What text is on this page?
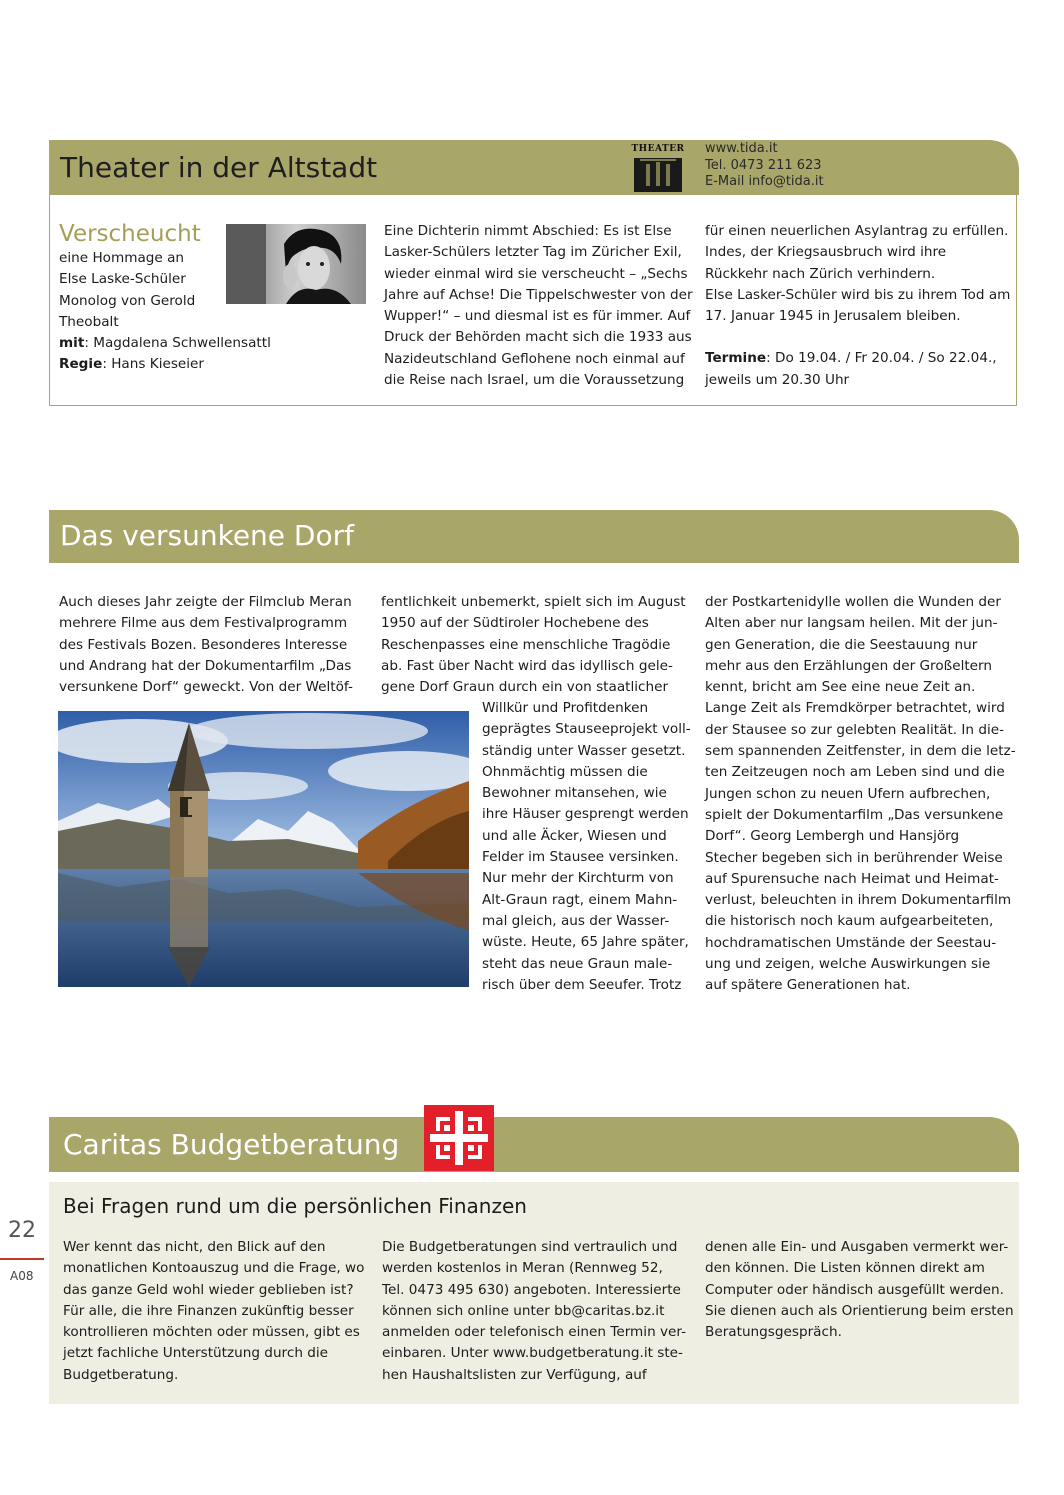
Theater in der Altstadt
THEATER www.tida.it
Tel. 0473 211 623
E-Mail info@tida.it
Verscheucht
eine Hommage an
Else Laske-Schüler
Monolog von Gerold
Theobalt
mit: Magdalena Schwellensattl
Regie: Hans Kieseier
Eine Dichterin nimmt Abschied: Es ist Else
Lasker-Schülers letzter Tag im Züricher Exil,
wieder einmal wird sie verscheucht – „Sechs
Jahre auf Achse! Die Tippelschwester von der
Wupper!“ – und diesmal ist es für immer. Auf
Druck der Behörden macht sich die 1933 aus
Nazideutschland Geflohene noch einmal auf
die Reise nach Israel, um die Voraussetzung
für einen neuerlichen Asylantrag zu erfüllen.
Indes, der Kriegsausbruch wird ihre
Rückkehr nach Zürich verhindern.
Else Lasker-Schüler wird bis zu ihrem Tod am
17. Januar 1945 in Jerusalem bleiben.
Termine: Do 19.04. / Fr 20.04. / So 22.04.,
jeweils um 20.30 Uhr
Das versunkene Dorf
Auch dieses Jahr zeigte der Filmclub Meran
mehrere Filme aus dem Festivalprogramm
des Festivals Bozen. Besonderes Interesse
und Andrang hat der Dokumentarfilm „Das
versunkene Dorf“ geweckt. Von der Weltöf-
fentlichkeit unbemerkt, spielt sich im August
1950 auf der Südtiroler Hochebene des
Reschenpasses eine menschliche Tragödie
ab. Fast über Nacht wird das idyllisch gele-
gene Dorf Graun durch ein von staatlicher
Willkür und Profitdenken
geprägtes Stauseeprojekt voll-
ständig unter Wasser gesetzt.
Ohnmächtig müssen die
Bewohner mitansehen, wie
ihre Häuser gesprengt werden
und alle Äcker, Wiesen und
Felder im Stausee versinken.
Nur mehr der Kirchturm von
Alt-Graun ragt, einem Mahn-
mal gleich, aus der Wasser-
wüste. Heute, 65 Jahre später,
steht das neue Graun male-
risch über dem Seeufer. Trotz
der Postkartenidylle wollen die Wunden der
Alten aber nur langsam heilen. Mit der jun-
gen Generation, die die Seestauung nur
mehr aus den Erzählungen der Großeltern
kennt, bricht am See eine neue Zeit an.
Lange Zeit als Fremdkörper betrachtet, wird
der Stausee so zur gelebten Realität. In die-
sem spannenden Zeitfenster, in dem die letz-
ten Zeitzeugen noch am Leben sind und die
Jungen schon zu neuen Ufern aufbrechen,
spielt der Dokumentarfilm „Das versunkene
Dorf“. Georg Lembergh und Hansjörg
Stecher begeben sich in berührender Weise
auf Spurensuche nach Heimat und Heimat-
verlust, beleuchten in ihrem Dokumentarfilm
die historisch noch kaum aufgearbeiteten,
hochdramatischen Umstände der Seestau-
ung und zeigen, welche Auswirkungen sie
auf spätere Generationen hat.
Caritas Budgetberatung
Bei Fragen rund um die persönlichen Finanzen
Wer kennt das nicht, den Blick auf den
monatlichen Kontoauszug und die Frage, wo
das ganze Geld wohl wieder geblieben ist?
Für alle, die ihre Finanzen zukünftig besser
kontrollieren möchten oder müssen, gibt es
jetzt fachliche Unterstützung durch die
Budgetberatung.
Die Budgetberatungen sind vertraulich und
werden kostenlos in Meran (Rennweg 52,
Tel. 0473 495 630) angeboten. Interessierte
können sich online unter bb@caritas.bz.it
anmelden oder telefonisch einen Termin ver-
einbaren. Unter www.budgetberatung.it ste-
hen Haushaltslisten zur Verfügung, auf
denen alle Ein- und Ausgaben vermerkt wer-
den können. Die Listen können direkt am
Computer oder händisch ausgefüllt werden.
Sie dienen auch als Orientierung beim ersten
Beratungsgespräch.
22
A08
